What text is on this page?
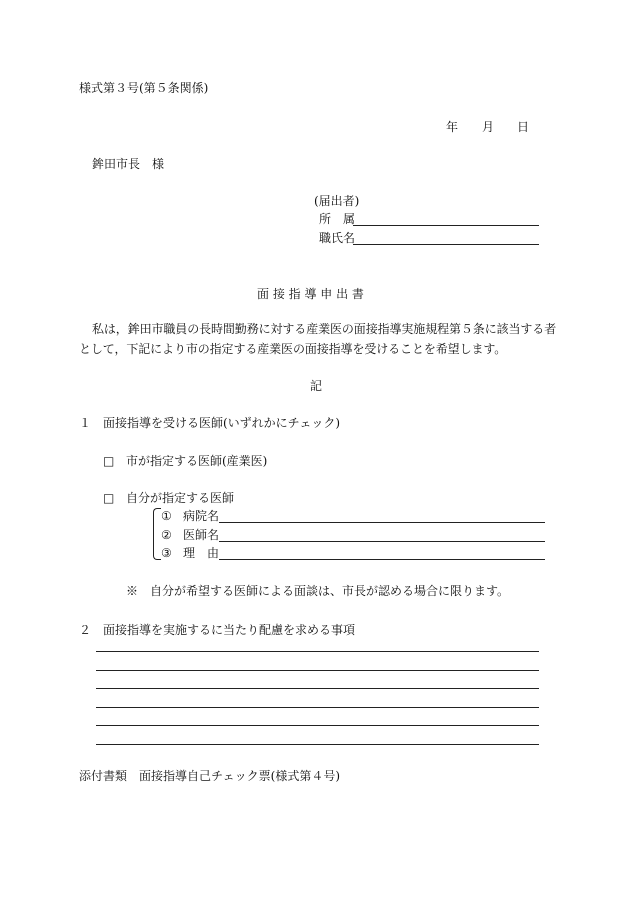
様式第３号(第５条関係)
年 月 日
鉾田市長　様
(届出者)
所　属
職氏名
面 接 指 導 申 出 書
私は，鉾田市職員の長時間勤務に対する産業医の面接指導実施規程第５条に該当する者
として，下記により市の指定する産業医の面接指導を受けることを希望します。
記
１　面接指導を受ける医師(いずれかにチェック)
□ 市が指定する医師(産業医)
□ 自分が指定する医師
① 病院名
② 医師名
③ 理　由
※　自分が希望する医師による面談は、市長が認める場合に限ります。
２　面接指導を実施するに当たり配慮を求める事項
添付書類　面接指導自己チェック票(様式第４号)
